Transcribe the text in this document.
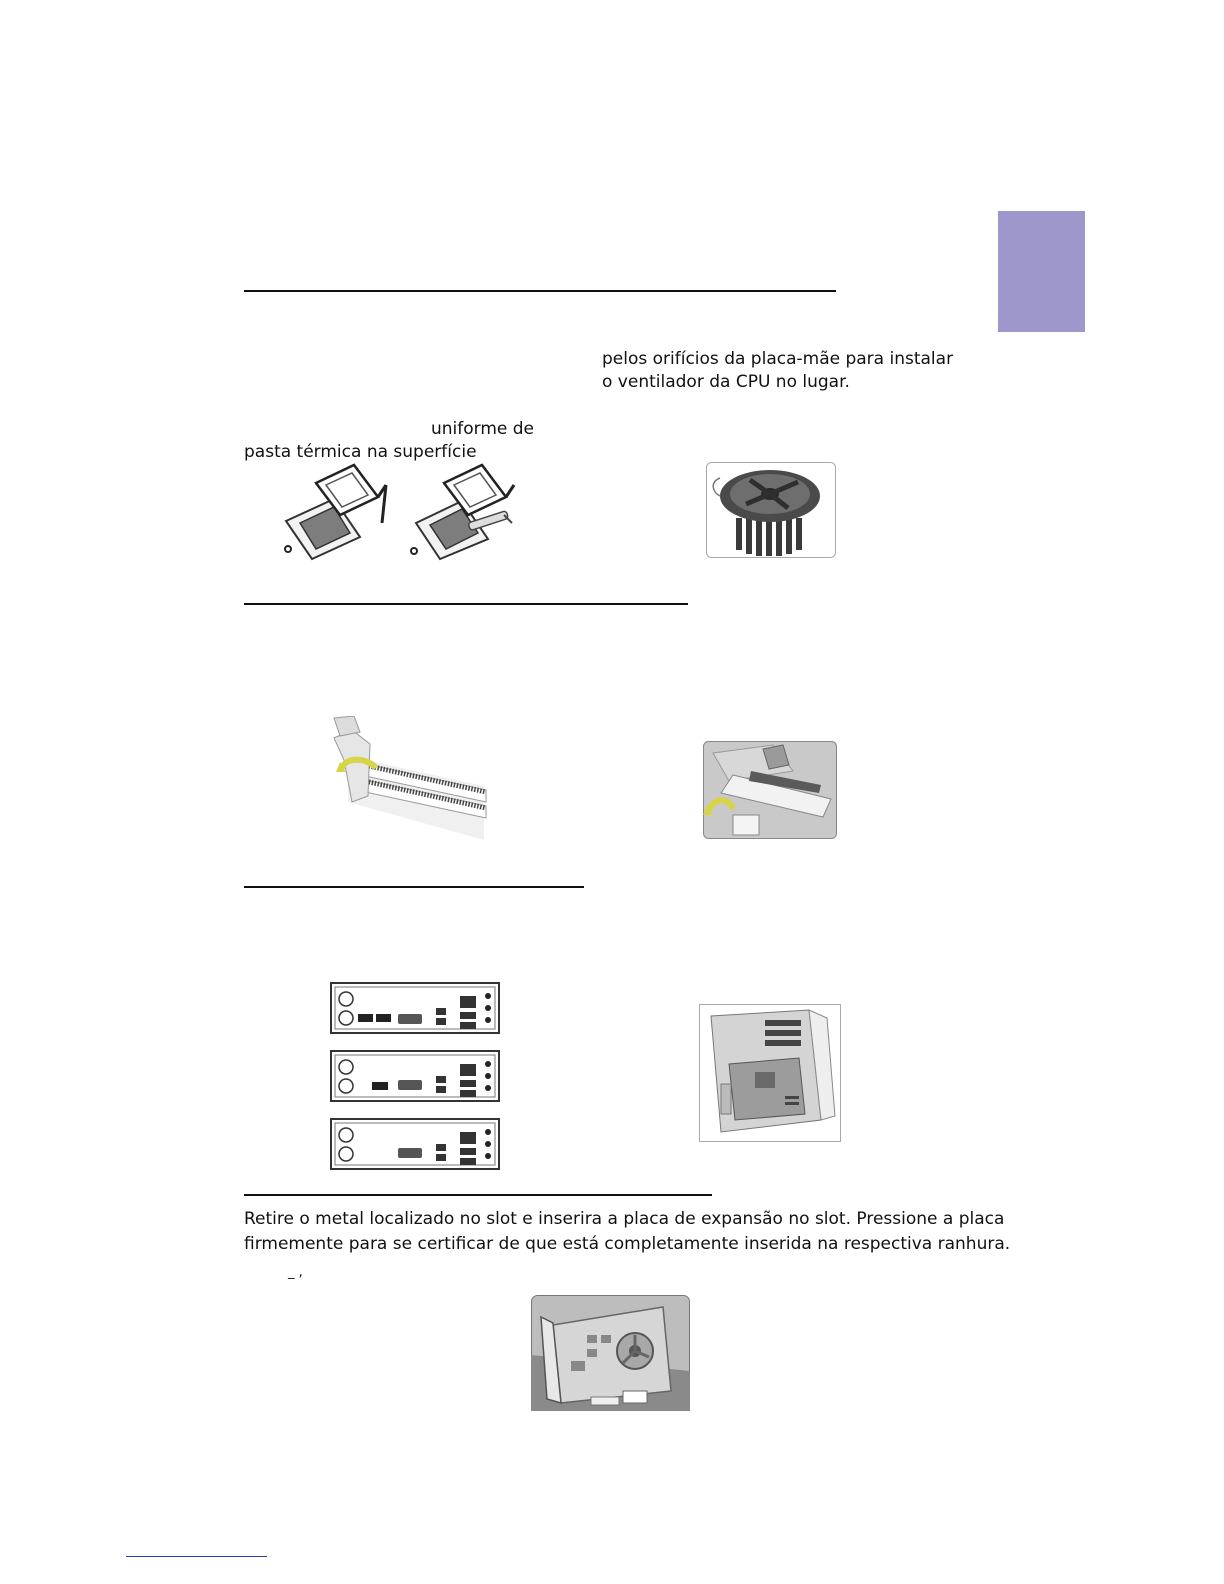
pelos orifícios da placa-mãe para instalar
o ventilador da CPU no lugar.
uniforme de
pasta térmica na superfície
Retire o metal localizado no slot e inserira a placa de expansão no slot. Pressione a placa
firmemente para se certificar de que está completamente inserida na respectiva ranhura.
_ ,
